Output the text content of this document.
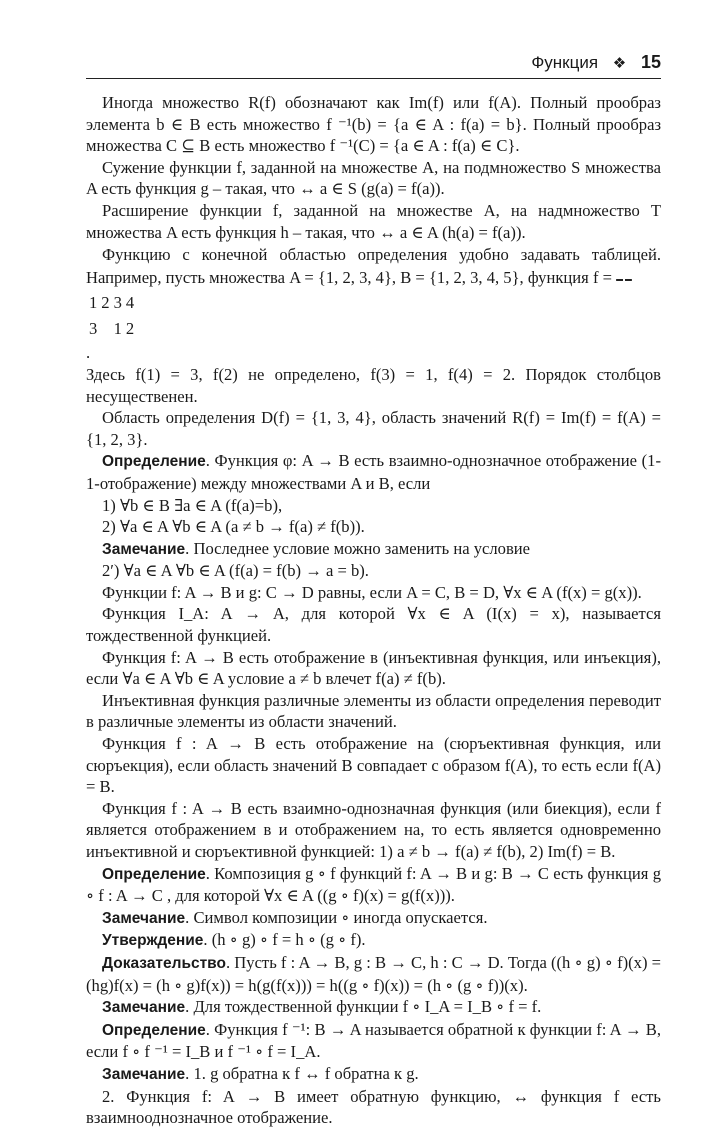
Функция ❖ 15

Иногда множество R(f) обозначают как Im(f) или f(A). Полный прообраз элемента b ∈ B есть множество f ⁻¹(b) = {a ∈ A : f(a) = b}. Полный прообраз множества C ⊆ B есть множество f ⁻¹(C) = {a ∈ A : f(a) ∈ C}.

Сужение функции f, заданной на множестве A, на подмножество S множества A есть функция g – такая, что ↔ a ∈ S (g(a) = f(a)).

Расширение функции f, заданной на множестве A, на надмножество T множества A есть функция h – такая, что ↔ a ∈ A (h(a) = f(a)).

Функцию с конечной областью определения удобно задавать таблицей. Например, пусть множества A = {1, 2, 3, 4}, B = {1, 2, 3, 4, 5}, функция f =

1	2	3	4
3		1	2
.

Здесь f(1) = 3, f(2) не определено, f(3) = 1, f(4) = 2. Порядок столбцов несущественен.

Область определения D(f) = {1, 3, 4}, область значений R(f) = Im(f) = f(A) = {1, 2, 3}.

Определение. Функция φ: A → B есть взаимно-однозначное отображение (1-1-отображение) между множествами A и B, если

1) ∀b ∈ B ∃a ∈ A (f(a)=b),

2) ∀a ∈ A ∀b ∈ A (a ≠ b → f(a) ≠ f(b)).

Замечание. Последнее условие можно заменить на условие

2′) ∀a ∈ A ∀b ∈ A (f(a) = f(b) → a = b).

Функции f: A → B и g: C → D равны, если A = C, B = D, ∀x ∈ A (f(x) = g(x)).

Функция I_A: A → A, для которой ∀x ∈ A (I(x) = x), называется тождественной функцией.

Функция f: A → B есть отображение в (инъективная функция, или инъекция), если ∀a ∈ A ∀b ∈ A условие a ≠ b влечет f(a) ≠ f(b).

Инъективная функция различные элементы из области определения переводит в различные элементы из области значений.

Функция f : A → B есть отображение на (сюръективная функция, или сюръекция), если область значений B совпадает с образом f(A), то есть если f(A) = B.

Функция f : A → B есть взаимно-однозначная функция (или биекция), если f является отображением в и отображением на, то есть является одновременно инъективной и сюръективной функцией: 1) a ≠ b → f(a) ≠ f(b), 2) Im(f) = B.

Определение. Композиция g ∘ f функций f: A → B и g: B → C есть функция g ∘ f : A → C , для которой ∀x ∈ A ((g ∘ f)(x) = g(f(x))).

Замечание. Символ композиции ∘ иногда опускается.

Утверждение. (h ∘ g) ∘ f = h ∘ (g ∘ f).

Доказательство. Пусть f : A → B, g : B → C, h : C → D. Тогда ((h ∘ g) ∘ f)(x) = (hg)f(x) = (h ∘ g)f(x)) = h(g(f(x))) = h((g ∘ f)(x)) = (h ∘ (g ∘ f))(x).

Замечание. Для тождественной функции f ∘ I_A = I_B ∘ f = f.

Определение. Функция f ⁻¹: B → A называется обратной к функции f: A → B, если f ∘ f ⁻¹ = I_B и f ⁻¹ ∘ f = I_A.

Замечание. 1. g обратна к f ↔ f обратна к g.

2. Функция f: A → B имеет обратную функцию, ↔ функция f есть взаимнооднозначное отображение.
